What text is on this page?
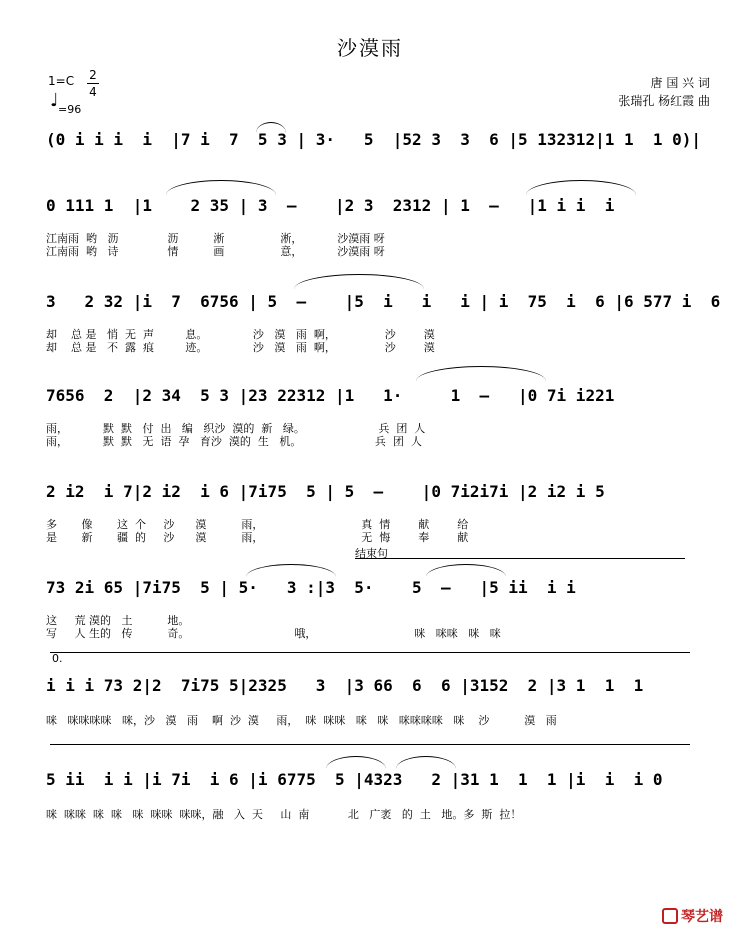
沙漠雨
1=C 2
4
♩ =96
唐 国 兴 词
张瑞孔 杨红霞 曲
(0 i i i  i  |7 i  7  5 3 | 3·   5  |52 3  3  6 |5 132312|1 1  1 0)|
0 111 1  |1    2 35 | 3  –    |2 3  2312 | 1  –   |1 i i  i
江南雨  哟   沥              沥          淅                淅，          沙漠雨 呀
江南雨  哟   诗              情          画                意，          沙漠雨 呀
3   2 32 |i  7  6756 | 5  –    |5  i   i   i | i  75  i  6 |6 577 i  6
却    总 是   悄  无  声         息。             沙   漠   雨  啊，              沙        漠
却    总 是   不  露  痕         迹。             沙   漠   雨  啊，              沙        漠
7656  2  |2 34  5 3 |23 22312 |1   1·     1  –   |0 7i i221
雨，          默  默   付  出   编   织沙  漠的  新   绿。                     兵  团  人
雨，          默  默   无  语  孕   育沙  漠的  生   机。                     兵  团  人
2 i2  i 7|2 i2  i 6 |7i75  5 | 5  –    |0 7i2i7i |2 i2 i 5
多       像       这  个     沙      漠          雨，                            真  情        献        给
是       新       疆  的     沙      漠          雨，                            无  悔        奉        献
结束句
73 2i 65 |7i75  5 | 5·   3 :|3  5·    5  –   |5 ii  i i
这     荒 漠的   土          地。
写     人 生的   传          奇。                              哦，                            咪   咪咪   咪   咪
0.
i i i 73 2|2  7i75 5|2325   3  |3 66  6  6 |3152  2 |3 1  1  1
咪   咪咪咪咪   咪，沙   漠   雨    啊  沙  漠     雨，  咪  咪咪   咪   咪   咪咪咪咪   咪    沙          漠   雨
5 ii  i i |i 7i  i 6 |i 6775  5 |4323   2 |31 1  1  1 |i  i  i 0
咪  咪咪  咪  咪   咪  咪咪  咪咪，融   入  天     山  南           北   广袤   的  土   地。多  斯  拉！
琴艺谱
